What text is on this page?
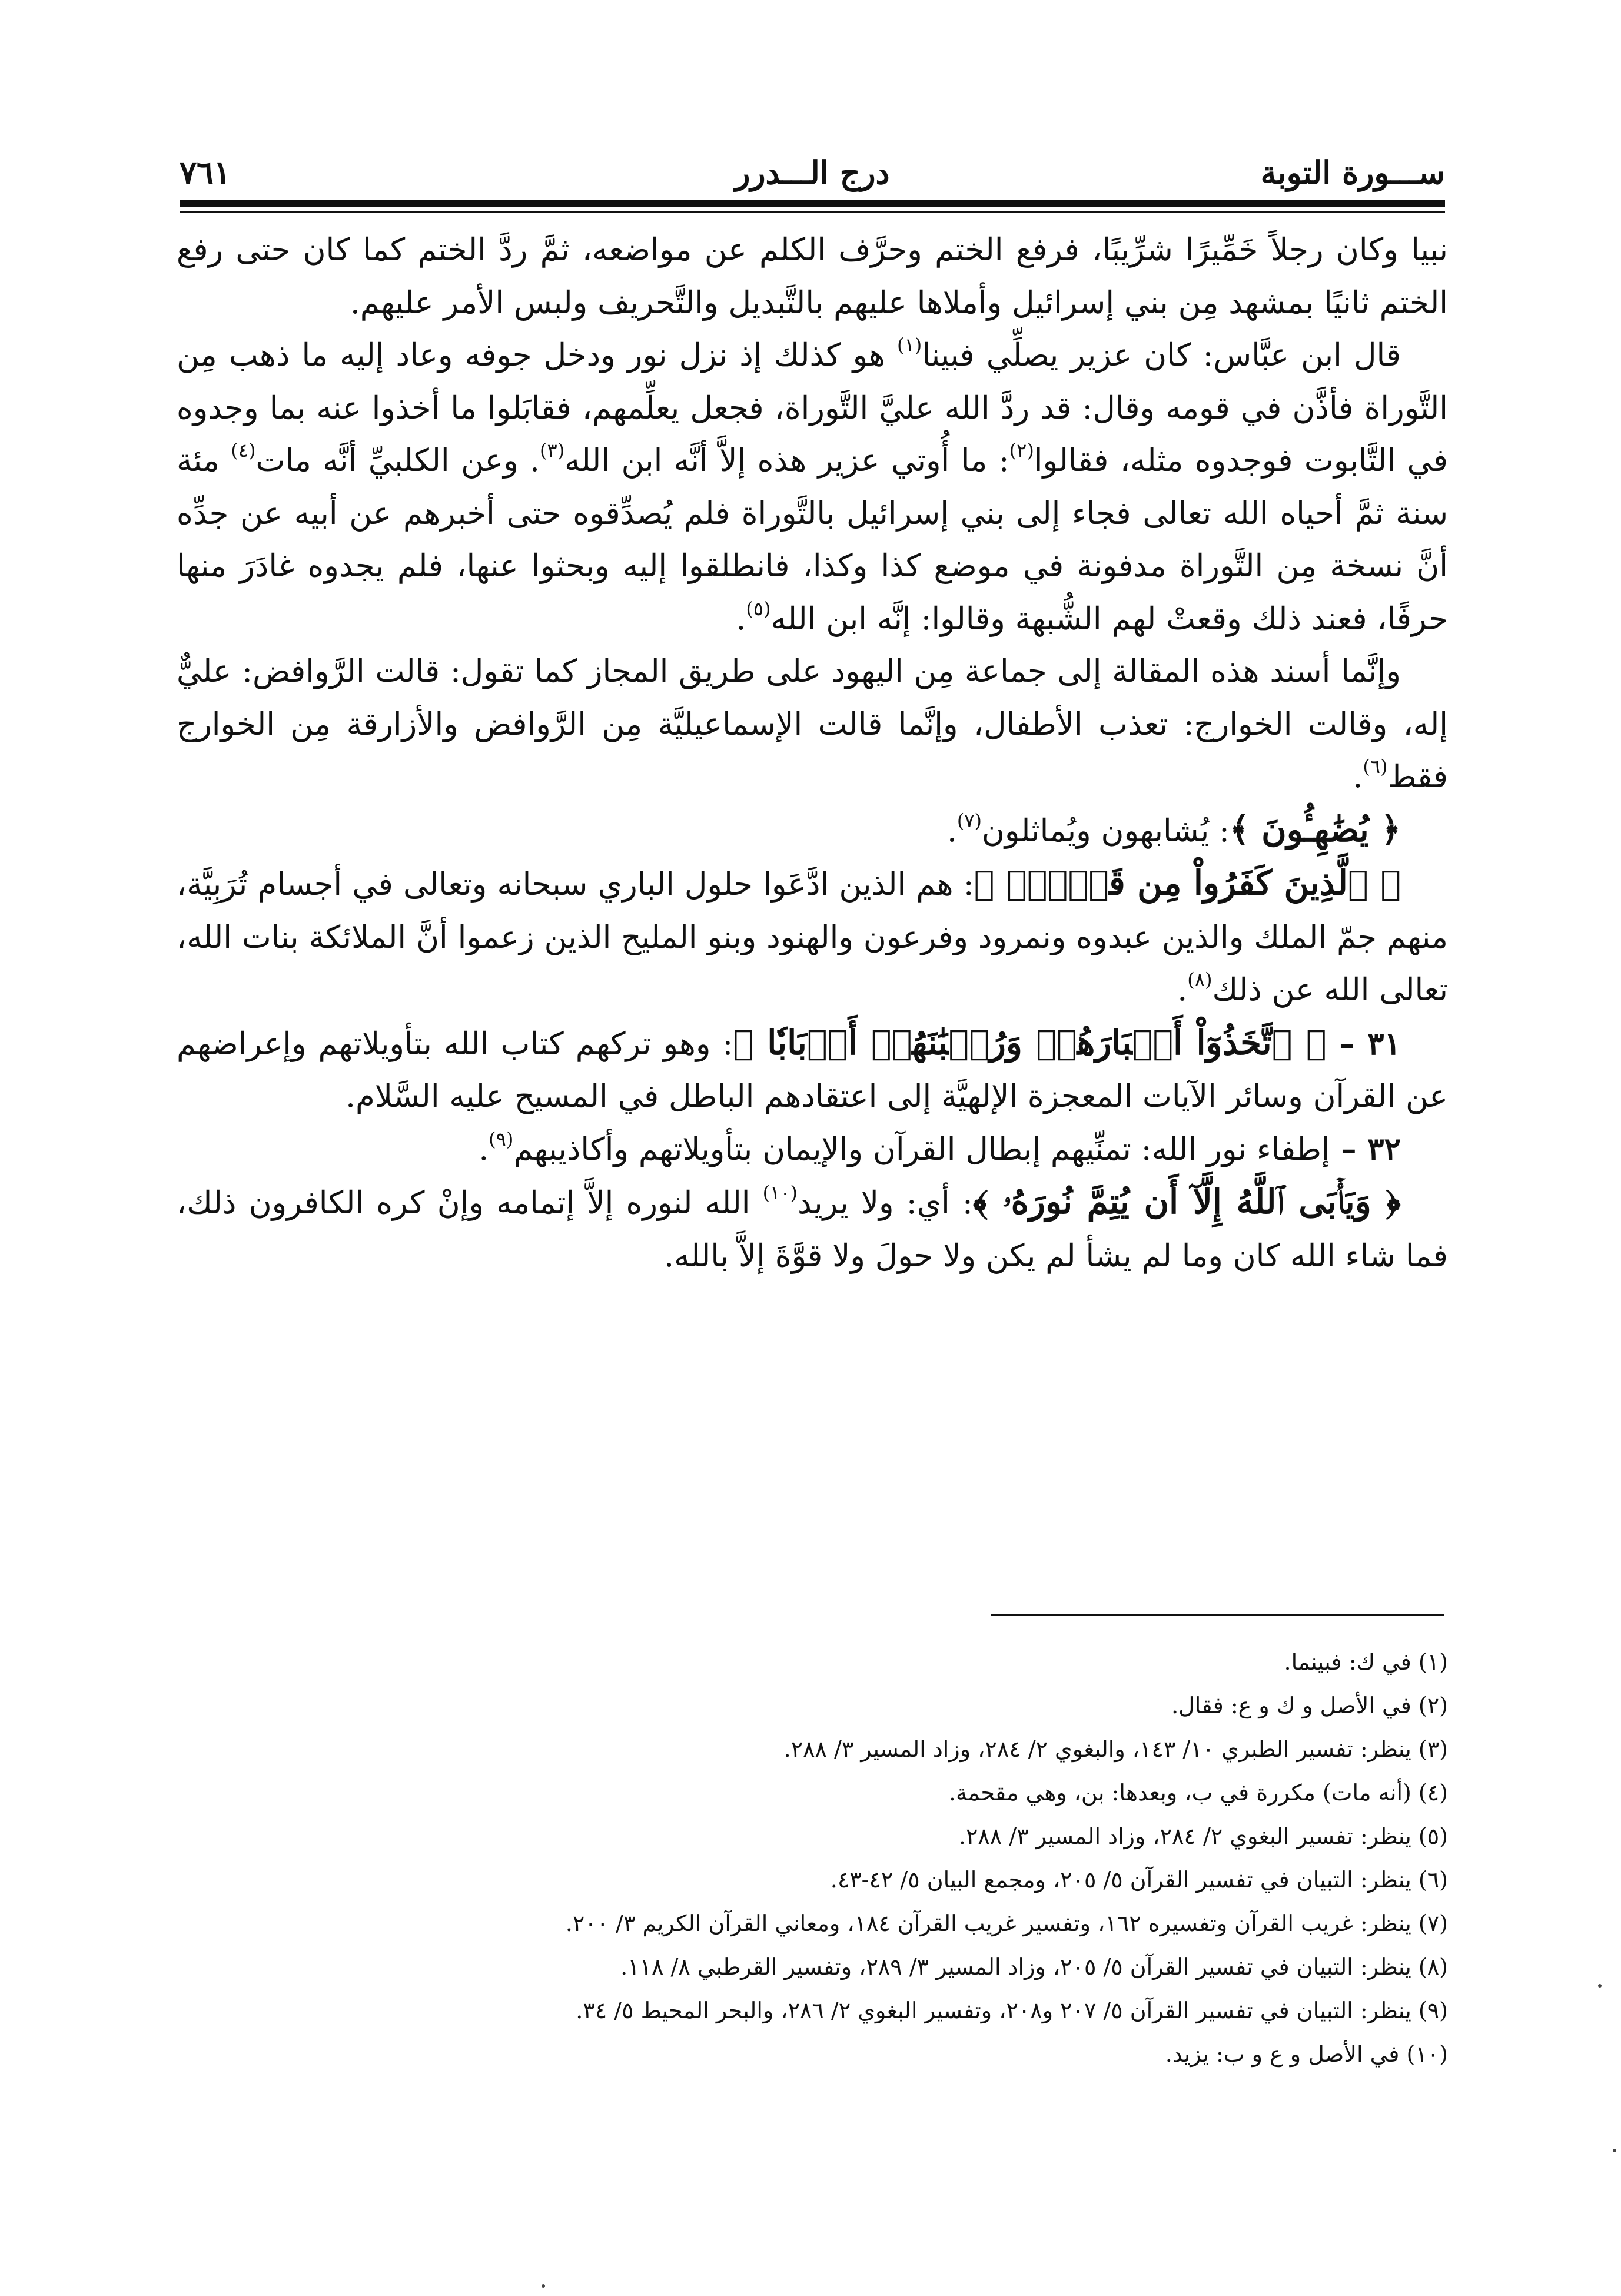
ســـورة التوبة
درج الـــدرر
٧٦١

نبيا وكان رجلاً خَمِّيرًا شرِّيبًا، فرفع الختم وحرَّف الكلم عن مواضعه، ثمَّ ردَّ الختم كما كان حتى رفع الختم ثانيًا بمشهد مِن بني إسرائيل وأملاها عليهم بالتَّبديل والتَّحريف ولبس الأمر عليهم.

قال ابن عبَّاس: كان عزير يصلِّي فبينا$^{(١)}$ هو كذلك إذ نزل نور ودخل جوفه وعاد إليه ما ذهب مِن التَّوراة فأذَّن في قومه وقال: قد ردَّ الله عليَّ التَّوراة، فجعل يعلِّمهم، فقابَلوا ما أخذوا عنه بما وجدوه في التَّابوت فوجدوه مثله، فقالوا$^{(٢)}$: ما أُوتي عزير هذه إلاَّ أنَّه ابن الله$^{(٣)}$. وعن الكلبيِّ أنَّه مات$^{(٤)}$ مئة سنة ثمَّ أحياه الله تعالى فجاء إلى بني إسرائيل بالتَّوراة فلم يُصدِّقوه حتى أخبرهم عن أبيه عن جدِّه أنَّ نسخة مِن التَّوراة مدفونة في موضع كذا وكذا، فانطلقوا إليه وبحثوا عنها، فلم يجدوه غادَرَ منها حرفًا، فعند ذلك وقعتْ لهم الشُّبهة وقالوا: إنَّه ابن الله$^{(٥)}$.

وإنَّما أسند هذه المقالة إلى جماعة مِن اليهود على طريق المجاز كما تقول: قالت الرَّوافض: عليٌّ إله، وقالت الخوارج: تعذب الأطفال، وإنَّما قالت الإسماعيليَّة مِن الرَّوافض والأزارقة مِن الخوارج فقط$^{(٦)}$.

﴿ يُضَٰهِـُٔونَ ﴾: يُشابهون ويُماثلون$^{(٧)}$.

﴿ ٱلَّذِينَ كَفَرُواْ مِن قَبۡلُۚ ﴾: هم الذين ادَّعَوا حلول الباري سبحانه وتعالى في أجسام تُرَبِيَّة، منهم جمّ الملك والذين عبدوه ونمرود وفرعون والهنود وبنو المليح الذين زعموا أنَّ الملائكة بنات الله، تعالى الله عن ذلك$^{(٨)}$.

٣١ – ﴿ ٱتَّخَذُوٓاْ أَحۡبَارَهُمۡ وَرُهۡبَٰنَهُمۡ أَرۡبَابٗا ﴾: وهو تركهم كتاب الله بتأويلاتهم وإعراضهم عن القرآن وسائر الآيات المعجزة الإلهيَّة إلى اعتقادهم الباطل في المسيح عليه السَّلام.

٣٢ – إطفاء نور الله: تمنِّيهم إبطال القرآن والإيمان بتأويلاتهم وأكاذيبهم$^{(٩)}$.

﴿ وَيَأۡبَى ٱللَّهُ إِلَّآ أَن يُتِمَّ نُورَهُۥ ﴾: أي: ولا يريد$^{(١٠)}$ الله لنوره إلاَّ إتمامه وإنْ كره الكافرون ذلك، فما شاء الله كان وما لم يشأ لم يكن ولا حولَ ولا قوَّةَ إلاَّ بالله.

(١) في ك: فبينما.
(٢) في الأصل و ك و ع: فقال.
(٣) ينظر: تفسير الطبري ١٠/ ١٤٣، والبغوي ٢/ ٢٨٤، وزاد المسير ٣/ ٢٨٨.
(٤) (أنه مات) مكررة في ب، وبعدها: بن، وهي مقحمة.
(٥) ينظر: تفسير البغوي ٢/ ٢٨٤، وزاد المسير ٣/ ٢٨٨.
(٦) ينظر: التبيان في تفسير القرآن ٥/ ٢٠٥، ومجمع البيان ٥/ ٤٢-٤٣.
(٧) ينظر: غريب القرآن وتفسيره ١٦٢، وتفسير غريب القرآن ١٨٤، ومعاني القرآن الكريم ٣/ ٢٠٠.
(٨) ينظر: التبيان في تفسير القرآن ٥/ ٢٠٥، وزاد المسير ٣/ ٢٨٩، وتفسير القرطبي ٨/ ١١٨.
(٩) ينظر: التبيان في تفسير القرآن ٥/ ٢٠٧ و٢٠٨، وتفسير البغوي ٢/ ٢٨٦، والبحر المحيط ٥/ ٣٤.
(١٠) في الأصل و ع و ب: يزيد.
